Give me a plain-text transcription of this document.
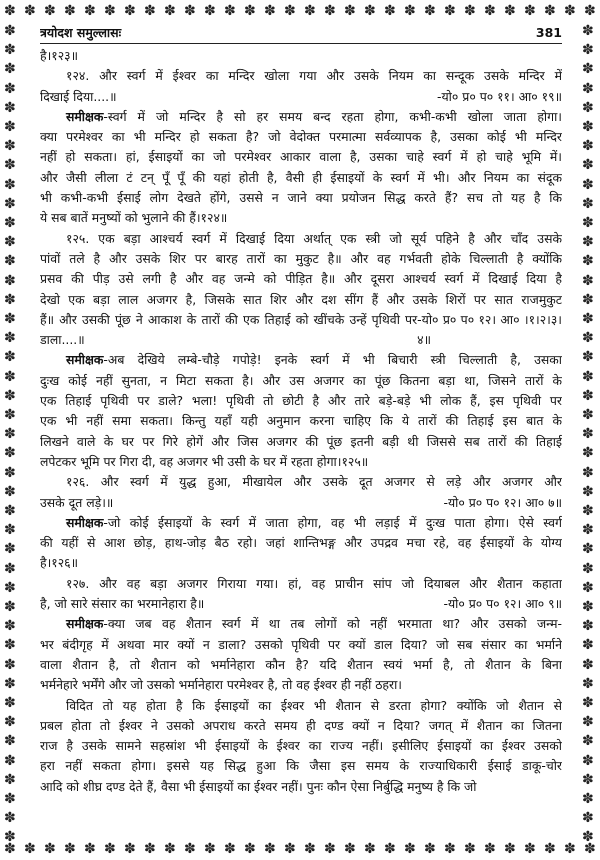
✽ ✽ ✽ ✽ ✽ ✽ ✽ ✽ ✽ ✽ ✽ ✽ ✽ ✽ ✽ ✽ ✽ ✽ ✽ ✽ ✽ ✽ ✽ ✽ ✽ ✽ ✽ ✽ ✽ ✽
✽ ✽ ✽ ✽ ✽ ✽ ✽ ✽ ✽ ✽ ✽ ✽ ✽ ✽ ✽ ✽ ✽ ✽ ✽ ✽ ✽ ✽ ✽ ✽ ✽ ✽ ✽ ✽ ✽ ✽
✽
✽
✽
✽
✽
✽
✽
✽
✽
✽
✽
✽
✽
✽
✽
✽
✽
✽
✽
✽
✽
✽
✽
✽
✽
✽
✽
✽
✽
✽
✽
✽
✽
✽
✽
✽
✽
✽
✽
✽
✽
✽
✽
✽
✽
✽
✽
✽
✽
✽
✽
✽
✽
✽
✽
✽
✽
✽
✽
✽
✽
✽
✽
✽
✽
✽
✽
✽
✽
✽
✽
✽
✽
✽
✽
✽
✽
✽
✽
✽
✽
✽
✽
✽
✽
✽
त्रयोदश समुल्लासः	381
है।१२३॥
१२४. और स्वर्ग में ईश्वर का मन्दिर खोला गया और उसके नियम का सन्दूक उसके मन्दिर में
दिखाई दिया....॥	-यो० प्र० प० ११। आ० १९॥
समीक्षक-स्वर्ग में जो मन्दिर है सो हर समय बन्द रहता होगा, कभी-कभी खोला जाता होगा।
क्या परमेश्वर का भी मन्दिर हो सकता है? जो वेदोक्त परमात्मा सर्वव्यापक है, उसका कोई भी मन्दिर
नहीं हो सकता। हां, ईसाइयों का जो परमेश्वर आकार वाला है, उसका चाहे स्वर्ग में हो चाहे भूमि में।
और जैसी लीला टं टन् पूँ पूँ की यहां होती है, वैसी ही ईसाइयों के स्वर्ग में भी। और नियम का संदूक
भी कभी-कभी ईसाई लोग देखते होंगे, उससे न जाने क्या प्रयोजन सिद्ध करते हैं? सच तो यह है कि
ये सब बातें मनुष्यों को भुलाने की हैं।१२४॥
१२५. एक बड़ा आश्चर्य स्वर्ग में दिखाई दिया अर्थात् एक स्त्री जो सूर्य पहिने है और चाँद उसके
पांवों तले है और उसके शिर पर बारह तारों का मुकुट है॥ और वह गर्भवती होके चिल्लाती है क्योंकि
प्रसव की पीड़ उसे लगी है और वह जन्मे को पीड़ित है॥ और दूसरा आश्चर्य स्वर्ग में दिखाई दिया है
देखो एक बड़ा लाल अजगर है, जिसके सात शिर और दश सींग हैं और उसके शिरों पर सात राजमुकुट
हैं॥ और उसकी पूंछ ने आकाश के तारों की एक तिहाई को खींचके उन्हें पृथिवी पर डाला....॥
-यो० प्र० प० १२। आ० ।१।२।३।४॥
समीक्षक-अब देखिये लम्बे-चौड़े गपोड़े! इनके स्वर्ग में भी बिचारी स्त्री चिल्लाती है, उसका
दुःख कोई नहीं सुनता, न मिटा सकता है। और उस अजगर का पूंछ कितना बड़ा था, जिसने तारों के
एक तिहाई पृथिवी पर डाले? भला! पृथिवी तो छोटी है और तारे बड़े-बड़े भी लोक हैं, इस पृथिवी पर
एक भी नहीं समा सकता। किन्तु यहाँ यही अनुमान करना चाहिए कि ये तारों की तिहाई इस बात के
लिखने वाले के घर पर गिरे होगें और जिस अजगर की पूंछ इतनी बड़ी थी जिससे सब तारों की तिहाई
लपेटकर भूमि पर गिरा दी, वह अजगर भी उसी के घर में रहता होगा।१२५॥
१२६. और स्वर्ग में युद्ध हुआ, मीखायेल और उसके दूत अजगर से लड़े और अजगर और
उसके दूत लड़े।॥	-यो० प्र० प० १२। आ० ७॥
समीक्षक-जो कोई ईसाइयों के स्वर्ग में जाता होगा, वह भी लड़ाई में दुःख पाता होगा। ऐसे स्वर्ग
की यहीं से आश छोड़, हाथ-जोड़ बैठ रहो। जहां शान्तिभङ्ग और उपद्रव मचा रहे, वह ईसाइयों के योग्य
है।१२६॥
१२७. और वह बड़ा अजगर गिराया गया। हां, वह प्राचीन सांप जो दियाबल और शैतान कहाता
है, जो सारे संसार का भरमानेहारा है॥	-यो० प्र० प० १२। आ० ९॥
समीक्षक-क्या जब वह शैतान स्वर्ग में था तब लोगों को नहीं भरमाता था? और उसको जन्म-
भर बंदीगृह में अथवा मार क्यों न डाला? उसको पृथिवी पर क्यों डाल दिया? जो सब संसार का भर्माने
वाला शैतान है, तो शैतान को भर्मानेहारा कौन है? यदि शैतान स्वयं भर्मा है, तो शैतान के बिना
भर्मनेहारे भर्मेंगे और जो उसको भर्मानेहारा परमेश्वर है, तो वह ईश्वर ही नहीं ठहरा।
विदित तो यह होता है कि ईसाइयों का ईश्वर भी शैतान से डरता होगा? क्योंकि जो शैतान से
प्रबल होता तो ईश्वर ने उसको अपराध करते समय ही दण्ड क्यों न दिया? जगत् में शैतान का जितना
राज है उसके सामने सहस्रांश भी ईसाइयों के ईश्वर का राज्य नहीं। इसीलिए ईसाइयों का ईश्वर उसको
हरा नहीं सकता होगा। इससे यह सिद्ध हुआ कि जैसा इस समय के राज्याधिकारी ईसाई डाकू-चोर
आदि को शीघ्र दण्ड देते हैं, वैसा भी ईसाइयों का ईश्वर नहीं। पुनः कौन ऐसा निर्बुद्धि मनुष्य है कि जो
